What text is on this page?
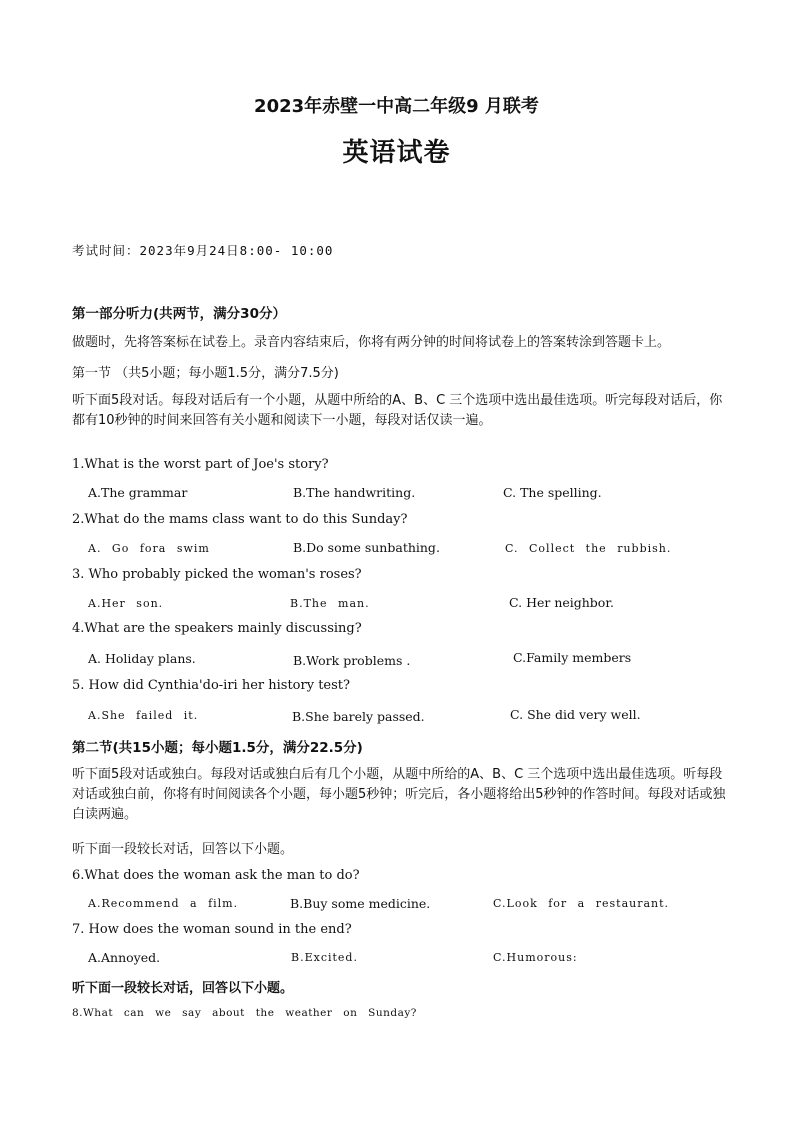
2023年赤壁一中高二年级9 月联考
英语试卷
考试时间：2023年9月24日8:00- 10:00
第一部分听力(共两节，满分30分）
做题时，先将答案标在试卷上。录音内容结束后，你将有两分钟的时间将试卷上的答案转涂到答题卡上。
第一节 （共5小题；每小题1.5分，满分7.5分)
听下面5段对话。每段对话后有一个小题，从题中所给的A、B、C 三个选项中选出最佳选项。听完每段对话后，你都有10秒钟的时间来回答有关小题和阅读下一小题，每段对话仅读一遍。
1.What is the worst part of Joe's story?
A.The grammar	B.The handwriting.	C. The spelling.
2.What do the mams class want to do this Sunday?
A. Go fora swim	B.Do some sunbathing.	C. Collect the rubbish.
3. Who probably picked the woman's roses?
A.Her son.	B.The man.	C. Her neighbor.
4.What are the speakers mainly discussing?
A. Holiday plans.	B.Work problems .	C.Family members
5. How did Cynthia'do-iri her history test?
A.She failed it.	B.She barely passed.	C. She did very well.
第二节(共15小题；每小题1.5分，满分22.5分)
听下面5段对话或独白。每段对话或独白后有几个小题，从题中所给的A、B、C 三个选项中选出最佳选项。听每段对话或独白前，你将有时间阅读各个小题，每小题5秒钟；听完后，各小题将给出5秒钟的作答时间。每段对话或独白读两遍。
听下面一段较长对话，回答以下小题。
6.What does the woman ask the man to do?
A.Recommend a film.	B.Buy some medicine.	C.Look for a restaurant.
7. How does the woman sound in the end?
A.Annoyed.	B.Excited.	C.Humorous:
听下面一段较长对话，回答以下小题。
8.What can we say about the weather on Sunday?
